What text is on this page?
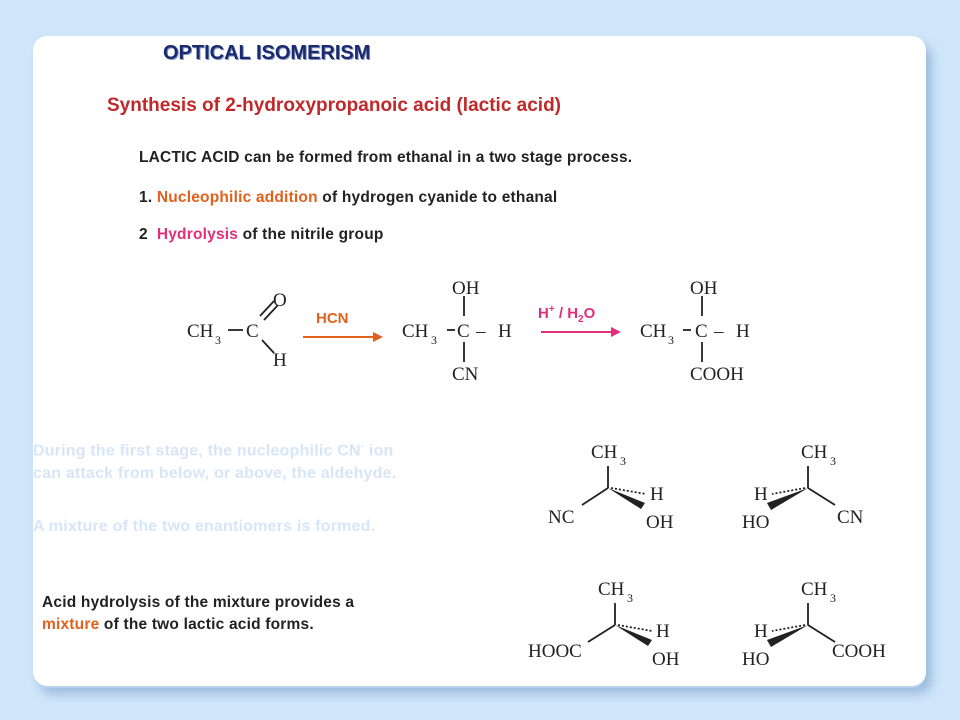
OPTICAL ISOMERISM
Synthesis of 2-hydroxypropanoic acid (lactic acid)
LACTIC ACID can be formed from ethanal in a two stage process.
1. Nucleophilic addition of hydrogen cyanide to ethanal
2 Hydrolysis of the nitrile group
During the first stage, the nucleophilic CN- ion
can attack from below, or above, the aldehyde.
A mixture of the two enantiomers is formed.
Acid hydrolysis of the mixture provides a
mixture of the two lactic acid forms.
CH 3 C
O
H
HCN
CH 3 C – H
OH
CN
$H^+ / H_2O$
CH 3 C – H
OH
COOH
CH 3
NC
H
OH
CH 3
H
HO	CN
CH 3
HOOC
H
OH
CH 3
H
HO	COOH
